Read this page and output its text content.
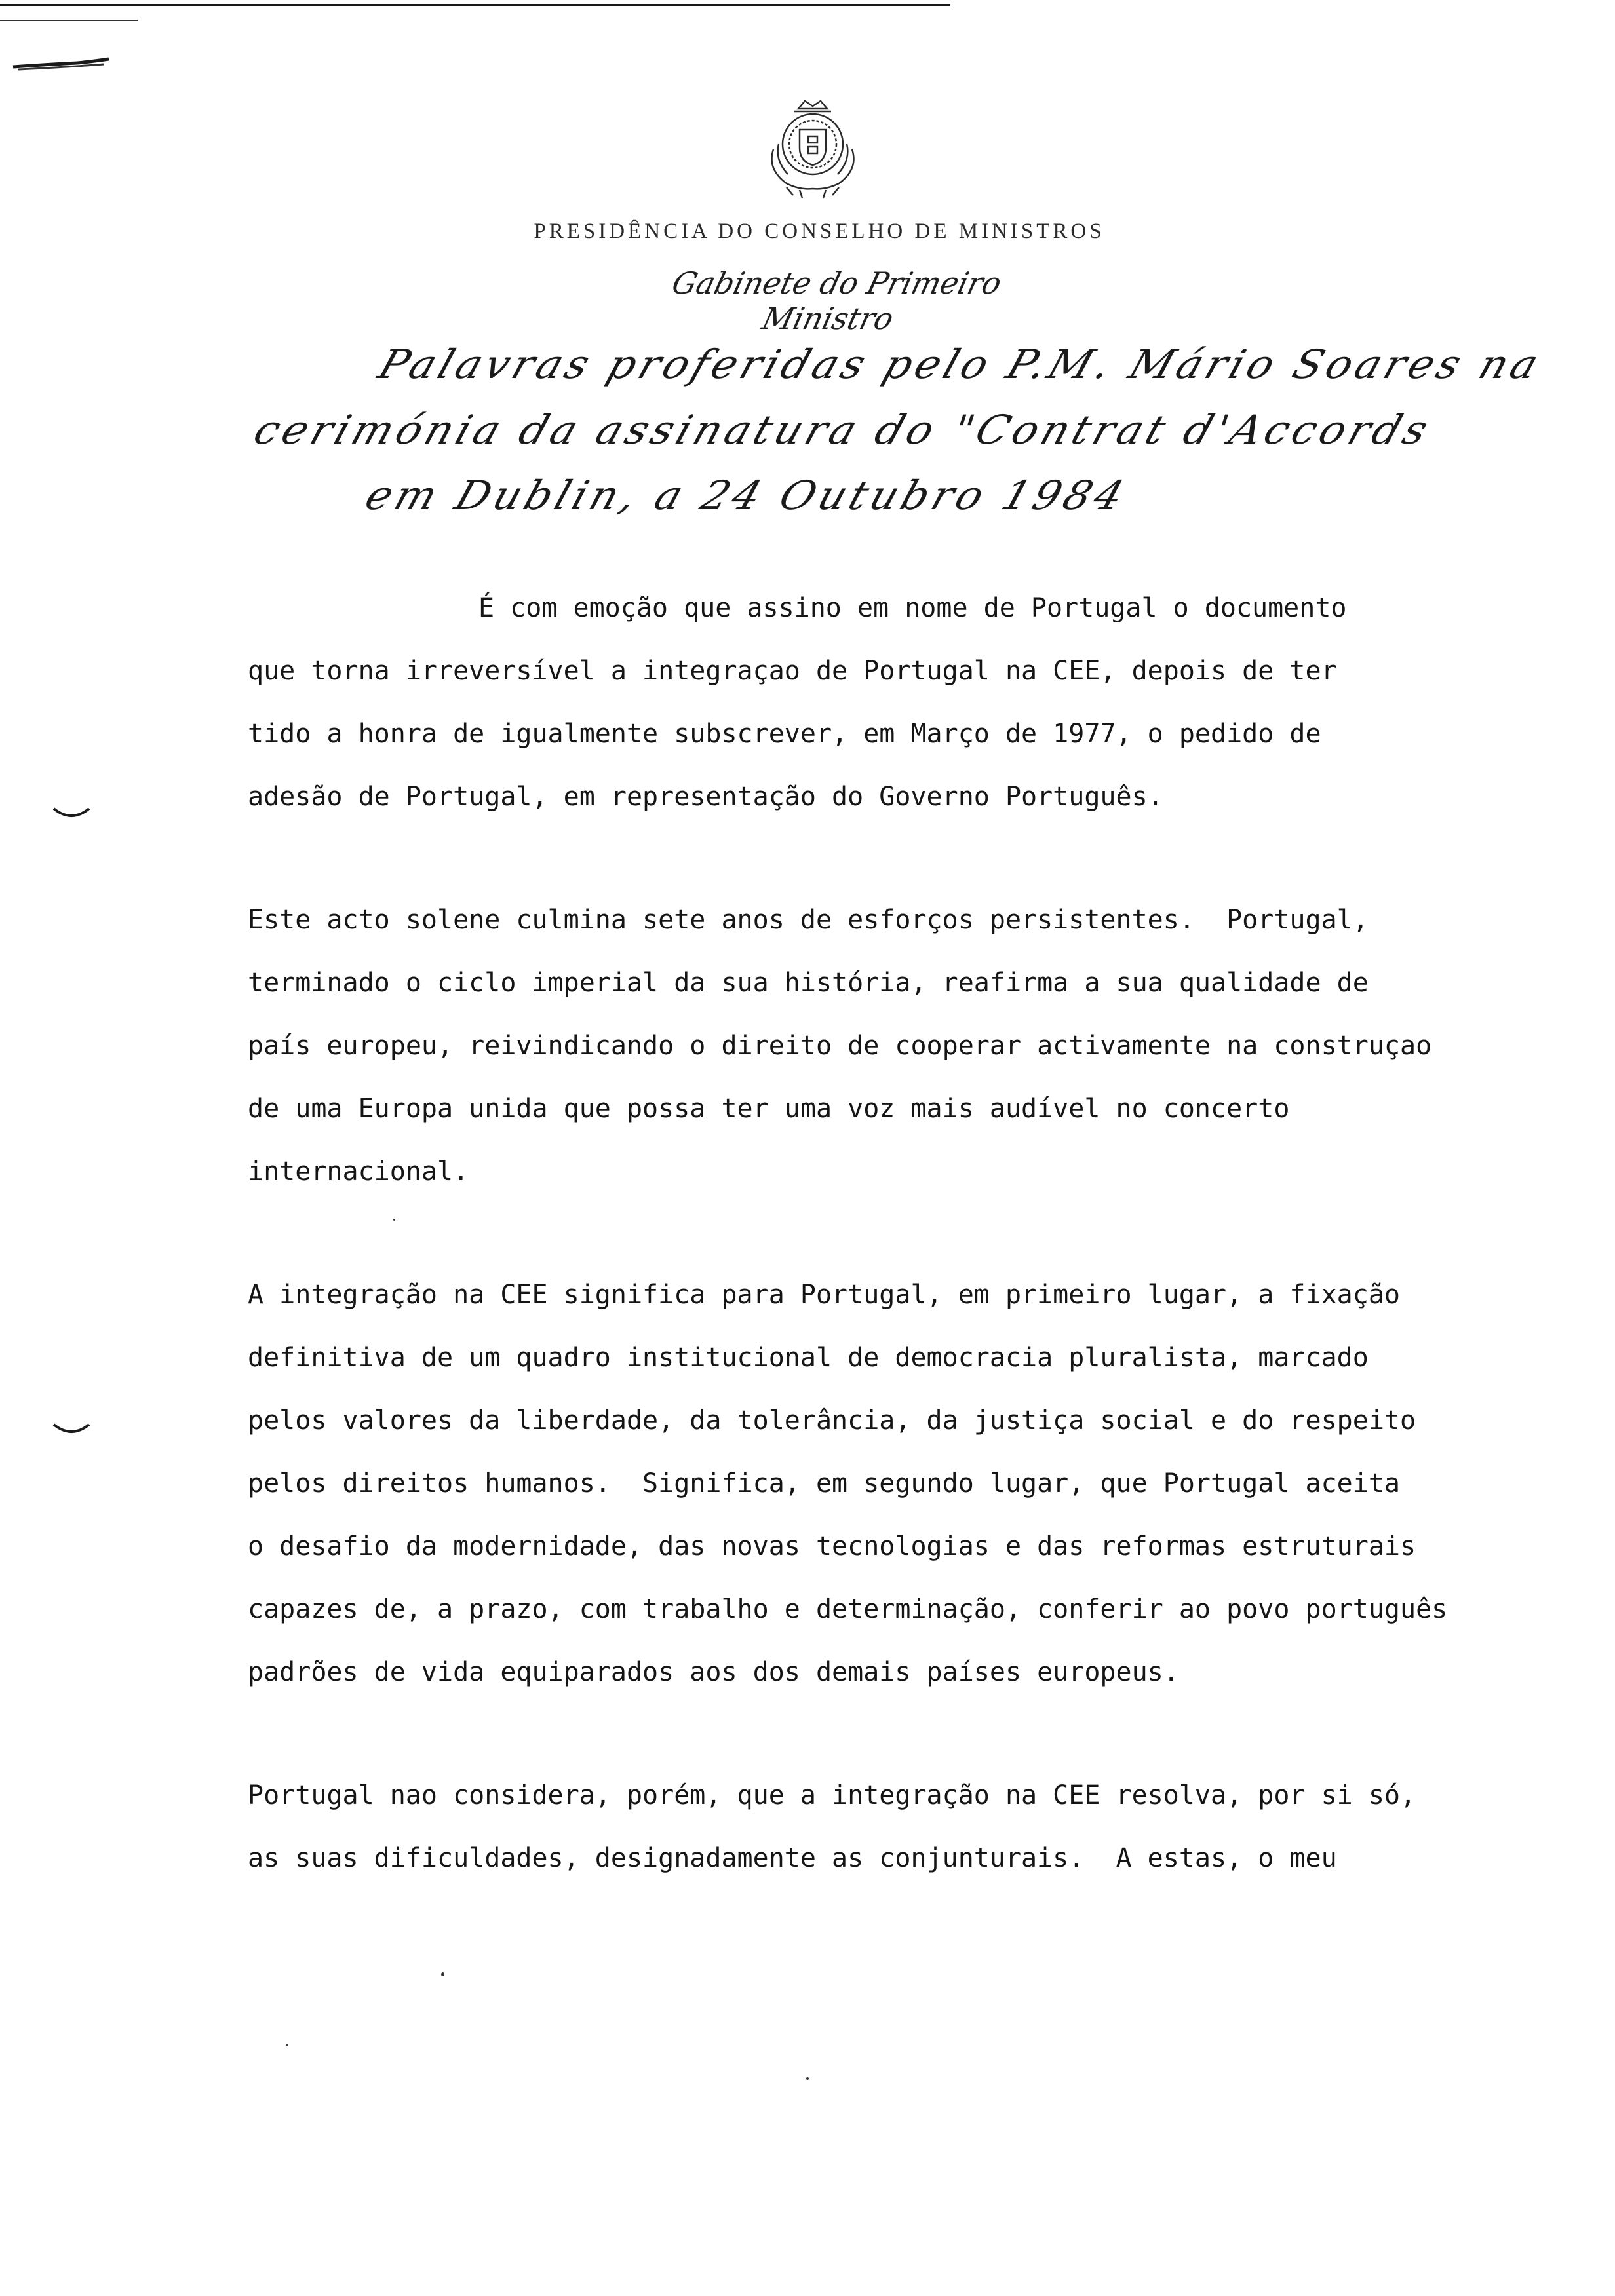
PRESIDÊNCIA DO CONSELHO DE MINISTROS
Gabinete do Primeiro Ministro
Palavras proferidas pelo P.M. Mário Soares na
cerimónia da assinatura do "Contrat d'Accords
em Dublin, a 24 Outubro 1984
É com emoção que assino em nome de Portugal o documento
que torna irreversível a integraçao de Portugal na CEE, depois de ter
tido a honra de igualmente subscrever, em Março de 1977, o pedido de
adesão de Portugal, em representação do Governo Português.
Este acto solene culmina sete anos de esforços persistentes.  Portugal,
terminado o ciclo imperial da sua história, reafirma a sua qualidade de
país europeu, reivindicando o direito de cooperar activamente na construçao
de uma Europa unida que possa ter uma voz mais audível no concerto
internacional.
A integração na CEE significa para Portugal, em primeiro lugar, a fixação
definitiva de um quadro institucional de democracia pluralista, marcado
pelos valores da liberdade, da tolerância, da justiça social e do respeito
pelos direitos humanos.  Significa, em segundo lugar, que Portugal aceita
o desafio da modernidade, das novas tecnologias e das reformas estruturais
capazes de, a prazo, com trabalho e determinação, conferir ao povo português
padrões de vida equiparados aos dos demais países europeus.
Portugal nao considera, porém, que a integração na CEE resolva, por si só,
as suas dificuldades, designadamente as conjunturais.  A estas, o meu
